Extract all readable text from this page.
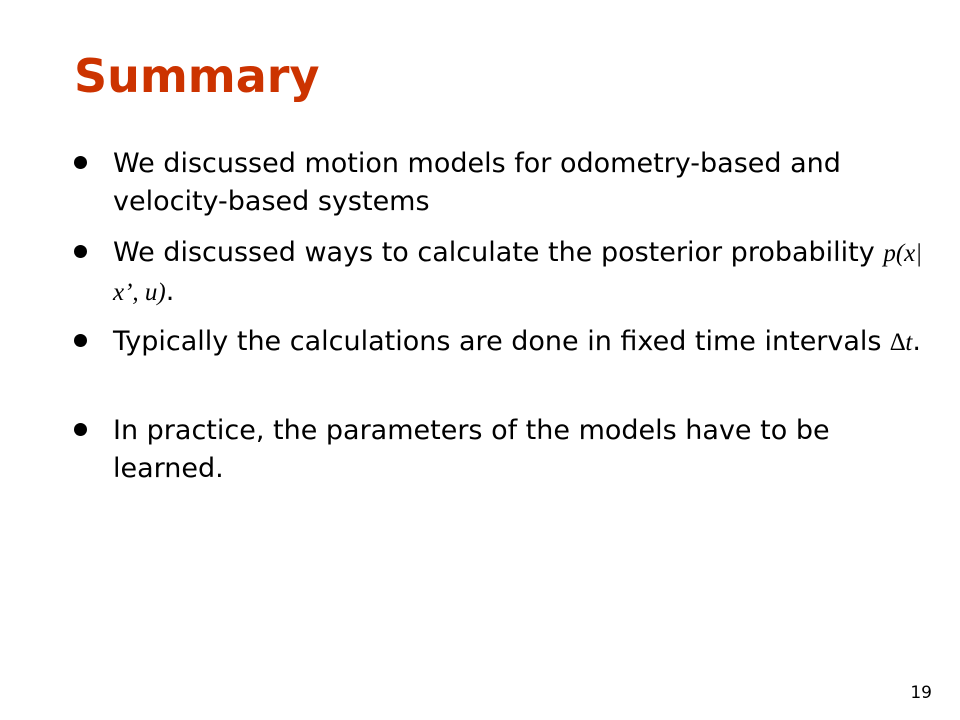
Summary
We discussed motion models for odometry-based and velocity-based systems
We discussed ways to calculate the posterior probability p(x| x’, u).
Typically the calculations are done in fixed time intervals ∆t.
In practice, the parameters of the models have to be learned.
19
